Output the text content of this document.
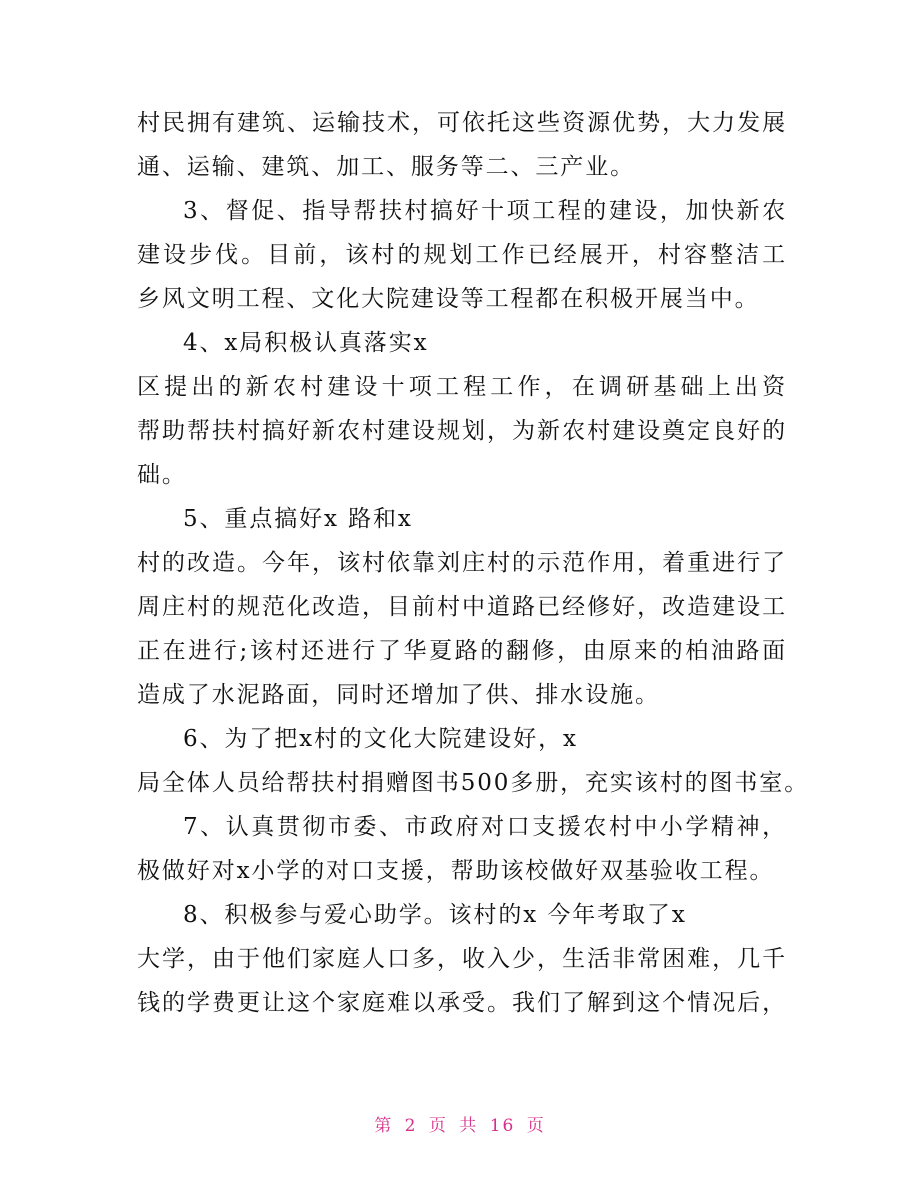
村民拥有建筑、运输技术，可依托这些资源优势，大力发展
通、运输、建筑、加工、服务等二、三产业。
3、督促、指导帮扶村搞好十项工程的建设，加快新农
建设步伐。目前，该村的规划工作已经展开，村容整洁工
乡风文明工程、文化大院建设等工程都在积极开展当中。
4、x局积极认真落实x
区提出的新农村建设十项工程工作，在调研基础上出资
帮助帮扶村搞好新农村建设规划，为新农村建设奠定良好的
础。
5、重点搞好x 路和x
村的改造。今年，该村依靠刘庄村的示范作用，着重进行了
周庄村的规范化改造，目前村中道路已经修好，改造建设工
正在进行;该村还进行了华夏路的翻修，由原来的柏油路面
造成了水泥路面，同时还增加了供、排水设施。
6、为了把x村的文化大院建设好，x
局全体人员给帮扶村捐赠图书500多册，充实该村的图书室。
7、认真贯彻市委、市政府对口支援农村中小学精神，
极做好对x小学的对口支援，帮助该校做好双基验收工程。
8、积极参与爱心助学。该村的x 今年考取了x
大学，由于他们家庭人口多，收入少，生活非常困难，几千
钱的学费更让这个家庭难以承受。我们了解到这个情况后，
第 2 页 共 16 页
